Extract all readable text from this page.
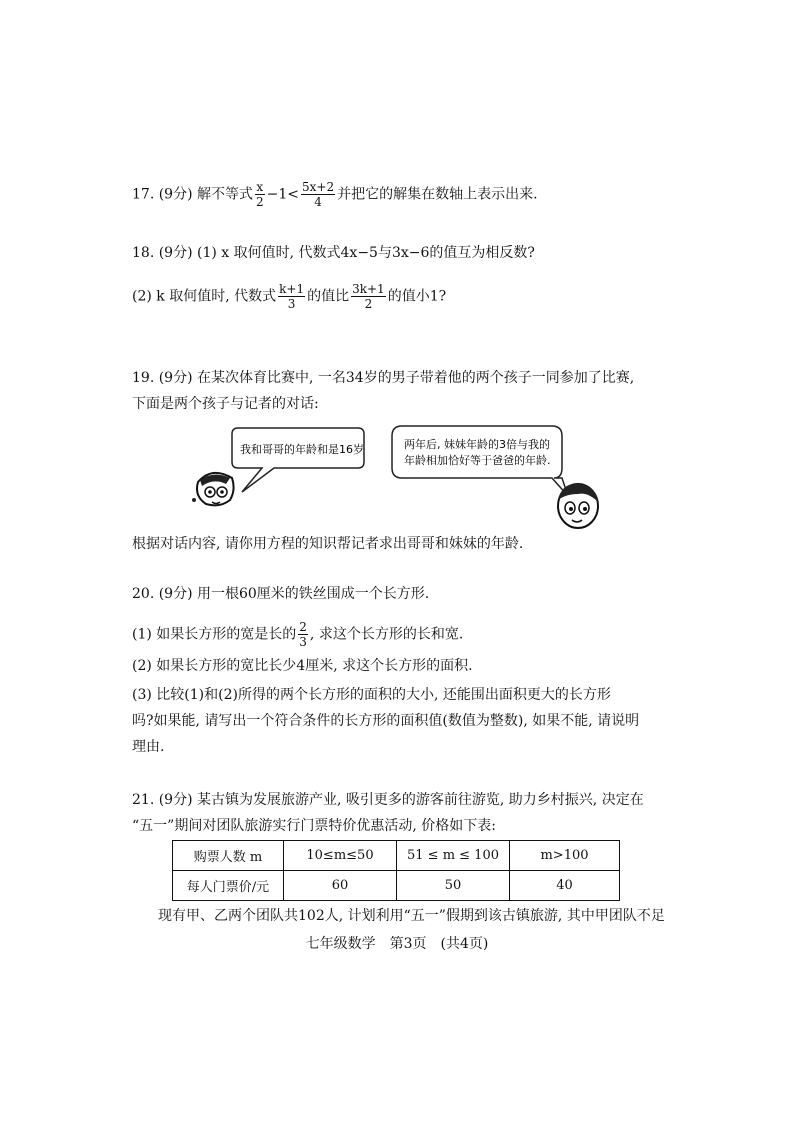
17. (9分) 解不等式 $\frac{x}{2} -1< \frac{5x+2}{4}$ 并把它的解集在数轴上表示出来.
18. (9分) (1) x 取何值时, 代数式4x−5与3x−6的值互为相反数?
(2) k 取何值时, 代数式 $\frac{k+1}{3}$ 的值比 $\frac{3k+1}{2}$ 的值小1?
19. (9分) 在某次体育比赛中, 一名34岁的男子带着他的两个孩子一同参加了比赛,
下面是两个孩子与记者的对话:
我和哥哥的年龄和是16岁	两年后, 妹妹年龄的3倍与我的
年龄相加恰好等于爸爸的年龄.
根据对话内容, 请你用方程的知识帮记者求出哥哥和妹妹的年龄.
20. (9分) 用一根60厘米的铁丝围成一个长方形.
(1) 如果长方形的宽是长的 $\frac{2}{3}$ , 求这个长方形的长和宽.
(2) 如果长方形的宽比长少4厘米, 求这个长方形的面积.
(3) 比较(1)和(2)所得的两个长方形的面积的大小, 还能围出面积更大的长方形
吗?如果能, 请写出一个符合条件的长方形的面积值(数值为整数), 如果不能, 请说明
理由.
21. (9分) 某古镇为发展旅游产业, 吸引更多的游客前往游览, 助力乡村振兴, 决定在
“五一”期间对团队旅游实行门票特价优惠活动, 价格如下表:
购票人数 m	10≤m≤50	51 ≤ m ≤ 100	m>100
每人门票价/元	60	50	40
现有甲、乙两个团队共102人, 计划利用“五一”假期到该古镇旅游, 其中甲团队不足
七年级数学　第3页　(共4页)
